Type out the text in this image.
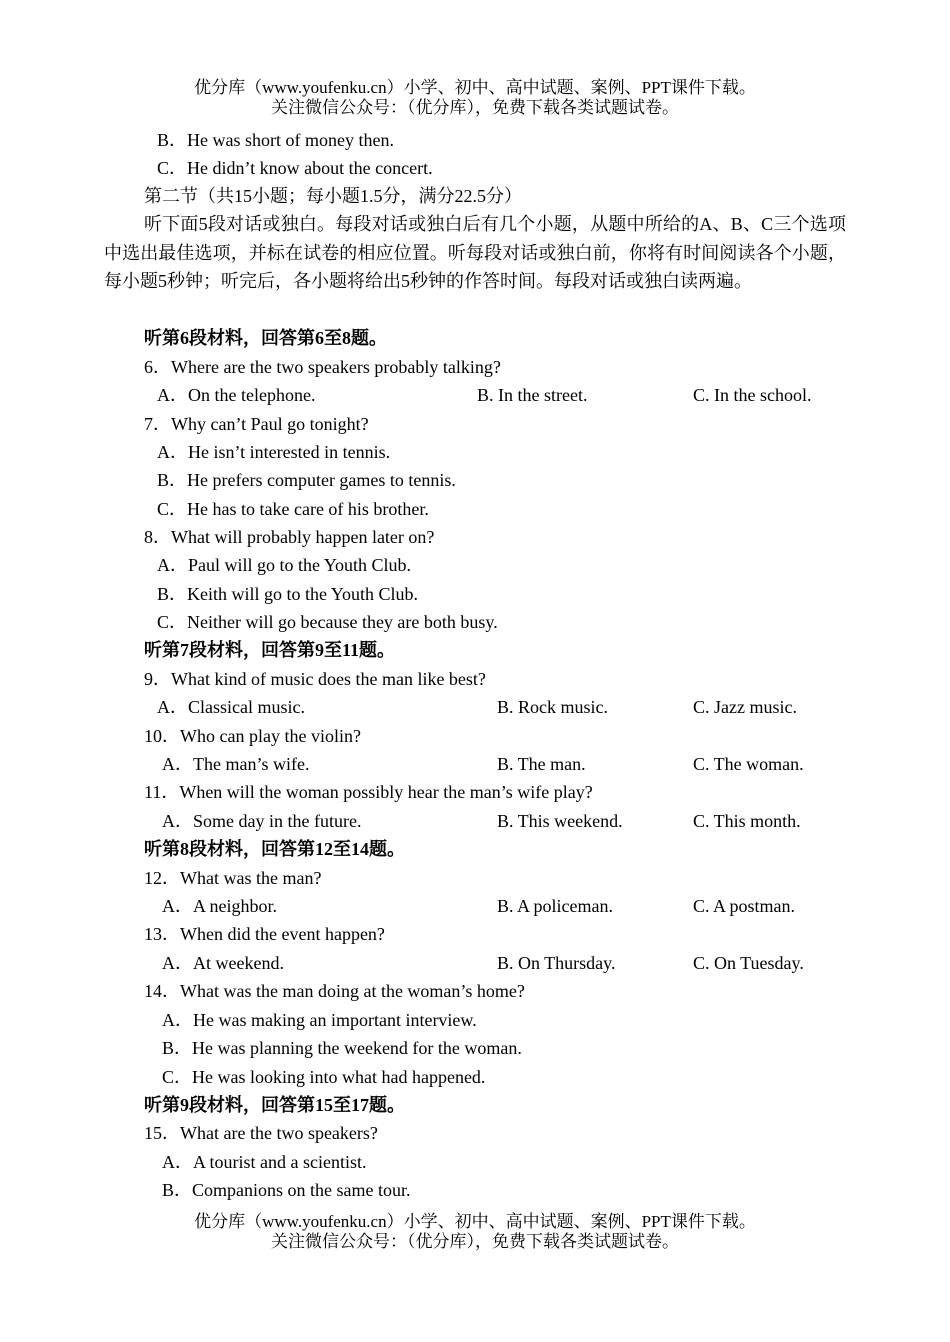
优分库（www.youfenku.cn）小学、初中、高中试题、案例、PPT课件下载。
关注微信公众号：（优分库），免费下载各类试题试卷。
B．He was short of money then.
C．He didn’t know about the concert.
第二节（共15小题；每小题1.5分，满分22.5分）
听下面5段对话或独白。每段对话或独白后有几个小题，从题中所给的A、B、C三个选项中选出最佳选项，并标在试卷的相应位置。听每段对话或独白前，你将有时间阅读各个小题，每小题5秒钟；听完后，各小题将给出5秒钟的作答时间。每段对话或独白读两遍。
听第6段材料，回答第6至8题。
6．Where are the two speakers probably talking?
A．On the telephone.	B. In the street.	C. In the school.
7．Why can’t Paul go tonight?
A．He isn’t interested in tennis.
B．He prefers computer games to tennis.
C．He has to take care of his brother.
8．What will probably happen later on?
A．Paul will go to the Youth Club.
B．Keith will go to the Youth Club.
C．Neither will go because they are both busy.
听第7段材料，回答第9至11题。
9．What kind of music does the man like best?
A．Classical music.	B. Rock music.	C. Jazz music.
10．Who can play the violin?
A．The man’s wife.	B. The man.	C. The woman.
11．When will the woman possibly hear the man’s wife play?
A．Some day in the future.	B. This weekend.	C. This month.
听第8段材料，回答第12至14题。
12．What was the man?
A．A neighbor.	B. A policeman.	C. A postman.
13．When did the event happen?
A．At weekend.	B. On Thursday.	C. On Tuesday.
14．What was the man doing at the woman’s home?
A．He was making an important interview.
B．He was planning the weekend for the woman.
C．He was looking into what had happened.
听第9段材料，回答第15至17题。
15．What are the two speakers?
A．A tourist and a scientist.
B．Companions on the same tour.
优分库（www.youfenku.cn）小学、初中、高中试题、案例、PPT课件下载。
关注微信公众号：（优分库），免费下载各类试题试卷。
